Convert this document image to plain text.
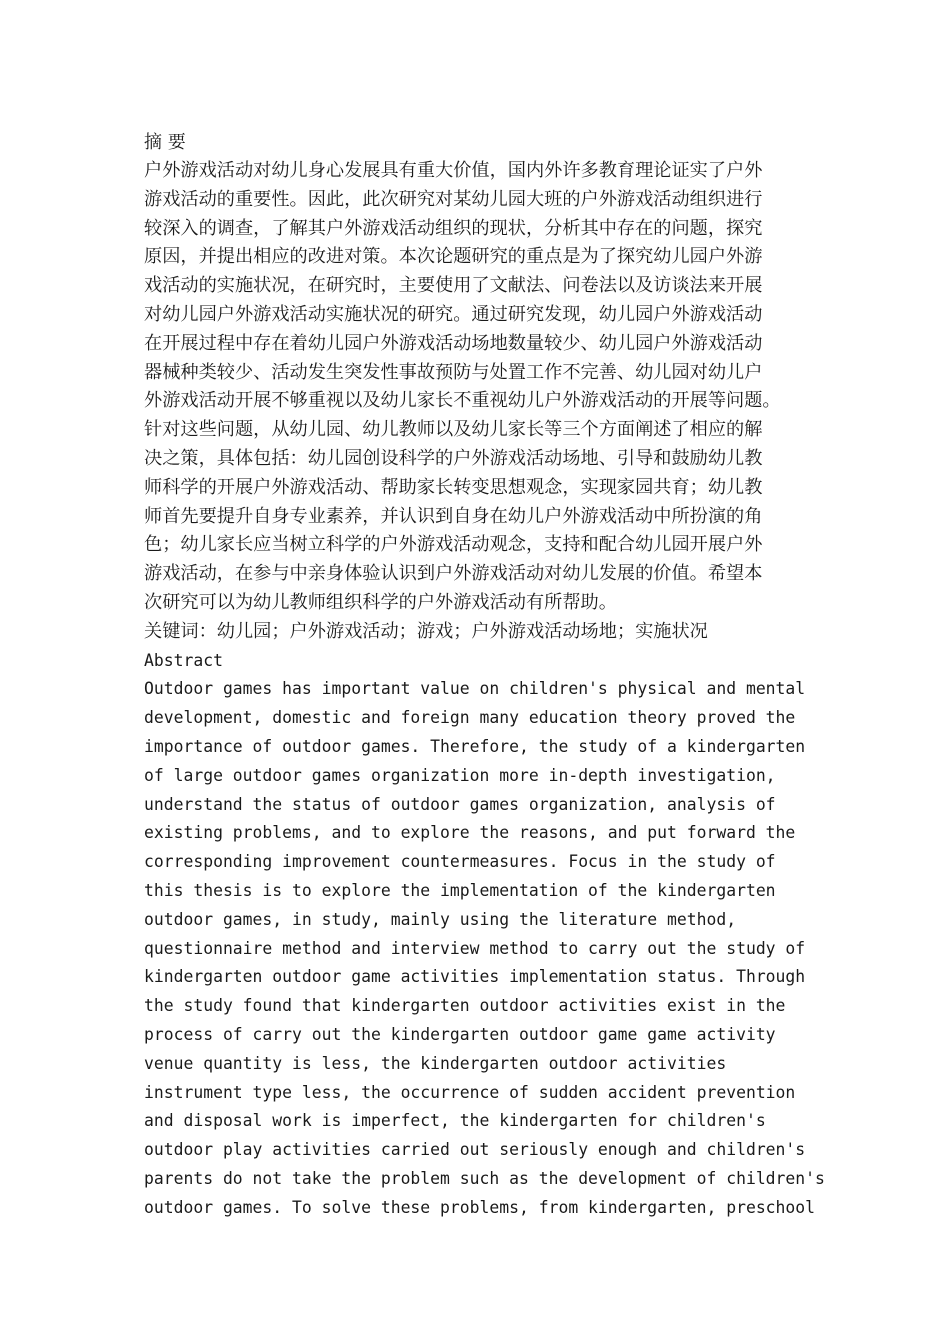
摘 要

户外游戏活动对幼儿身心发展具有重大价值，国内外许多教育理论证实了户外

游戏活动的重要性。因此，此次研究对某幼儿园大班的户外游戏活动组织进行

较深入的调查，了解其户外游戏活动组织的现状，分析其中存在的问题，探究

原因，并提出相应的改进对策。本次论题研究的重点是为了探究幼儿园户外游

戏活动的实施状况，在研究时，主要使用了文献法、问卷法以及访谈法来开展

对幼儿园户外游戏活动实施状况的研究。通过研究发现，幼儿园户外游戏活动

在开展过程中存在着幼儿园户外游戏活动场地数量较少、幼儿园户外游戏活动

器械种类较少、活动发生突发性事故预防与处置工作不完善、幼儿园对幼儿户

外游戏活动开展不够重视以及幼儿家长不重视幼儿户外游戏活动的开展等问题。

针对这些问题，从幼儿园、幼儿教师以及幼儿家长等三个方面阐述了相应的解

决之策，具体包括：幼儿园创设科学的户外游戏活动场地、引导和鼓励幼儿教

师科学的开展户外游戏活动、帮助家长转变思想观念，实现家园共育；幼儿教

师首先要提升自身专业素养，并认识到自身在幼儿户外游戏活动中所扮演的角

色；幼儿家长应当树立科学的户外游戏活动观念，支持和配合幼儿园开展户外

游戏活动，在参与中亲身体验认识到户外游戏活动对幼儿发展的价值。希望本

次研究可以为幼儿教师组织科学的户外游戏活动有所帮助。

关键词：幼儿园；户外游戏活动；游戏；户外游戏活动场地；实施状况

Abstract

Outdoor games has important value on children's physical and mental

development, domestic and foreign many education theory proved the

importance of outdoor games. Therefore, the study of a kindergarten

of large outdoor games organization more in-depth investigation,

understand the status of outdoor games organization, analysis of

existing problems, and to explore the reasons, and put forward the

corresponding improvement countermeasures. Focus in the study of

this thesis is to explore the implementation of the kindergarten

outdoor games, in study, mainly using the literature method,

questionnaire method and interview method to carry out the study of

kindergarten outdoor game activities implementation status. Through

the study found that kindergarten outdoor activities exist in the

process of carry out the kindergarten outdoor game game activity

venue quantity is less, the kindergarten outdoor activities

instrument type less, the occurrence of sudden accident prevention

and disposal work is imperfect, the kindergarten for children's

outdoor play activities carried out seriously enough and children's

parents do not take the problem such as the development of children's

outdoor games. To solve these problems, from kindergarten, preschool
